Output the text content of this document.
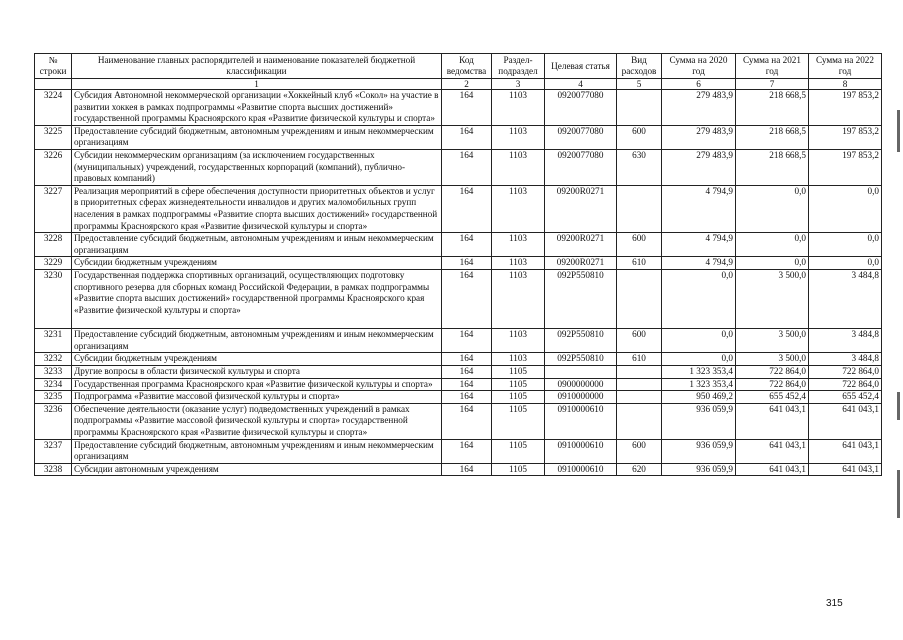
№ строки	Наименование главных распорядителей и наименование показателей бюджетной классификации	Код ведомства	Раздел-подраздел	Целевая статья	Вид расходов	Сумма на 2020 год	Сумма на 2021 год	Сумма на 2022 год
	1	2	3	4	5	6	7	8
3224	Субсидия Автономной некоммерческой организации «Хоккейный клуб «Сокол» на участие в развитии хоккея в рамках подпрограммы «Развитие спорта высших достижений» государственной программы Красноярского края «Развитие физической культуры и спорта»	164	1103	0920077080		279 483,9	218 668,5	197 853,2
3225	Предоставление субсидий бюджетным, автономным учреждениям и иным некоммерческим организациям	164	1103	0920077080	600	279 483,9	218 668,5	197 853,2
3226	Субсидии некоммерческим организациям (за исключением государственных (муниципальных) учреждений, государственных корпораций (компаний), публично-правовых компаний)	164	1103	0920077080	630	279 483,9	218 668,5	197 853,2
3227	Реализация мероприятий в сфере обеспечения доступности приоритетных объектов и услуг в приоритетных сферах жизнедеятельности инвалидов и других маломобильных групп населения в рамках подпрограммы «Развитие спорта высших достижений» государственной программы Красноярского края «Развитие физической культуры и спорта»	164	1103	09200R0271		4 794,9	0,0	0,0
3228	Предоставление субсидий бюджетным, автономным учреждениям и иным некоммерческим организациям	164	1103	09200R0271	600	4 794,9	0,0	0,0
3229	Субсидии бюджетным учреждениям	164	1103	09200R0271	610	4 794,9	0,0	0,0
3230	Государственная поддержка спортивных организаций, осуществляющих подготовку спортивного резерва для сборных команд Российской Федерации, в рамках подпрограммы «Развитие спорта высших достижений» государственной программы Красноярского края «Развитие физической культуры и спорта»	164	1103	092P550810		0,0	3 500,0	3 484,8
3231	Предоставление субсидий бюджетным, автономным учреждениям и иным некоммерческим организациям	164	1103	092P550810	600	0,0	3 500,0	3 484,8
3232	Субсидии бюджетным учреждениям	164	1103	092P550810	610	0,0	3 500,0	3 484,8
3233	Другие вопросы в области физической культуры и спорта	164	1105			1 323 353,4	722 864,0	722 864,0
3234	Государственная программа Красноярского края «Развитие физической культуры и спорта»	164	1105	0900000000		1 323 353,4	722 864,0	722 864,0
3235	Подпрограмма «Развитие массовой физической культуры и спорта»	164	1105	0910000000		950 469,2	655 452,4	655 452,4
3236	Обеспечение деятельности (оказание услуг) подведомственных учреждений в рамках подпрограммы «Развитие массовой физической культуры и спорта» государственной программы Красноярского края «Развитие физической культуры и спорта»	164	1105	0910000610		936 059,9	641 043,1	641 043,1
3237	Предоставление субсидий бюджетным, автономным учреждениям и иным некоммерческим организациям	164	1105	0910000610	600	936 059,9	641 043,1	641 043,1
3238	Субсидии автономным учреждениям	164	1105	0910000610	620	936 059,9	641 043,1	641 043,1
315
